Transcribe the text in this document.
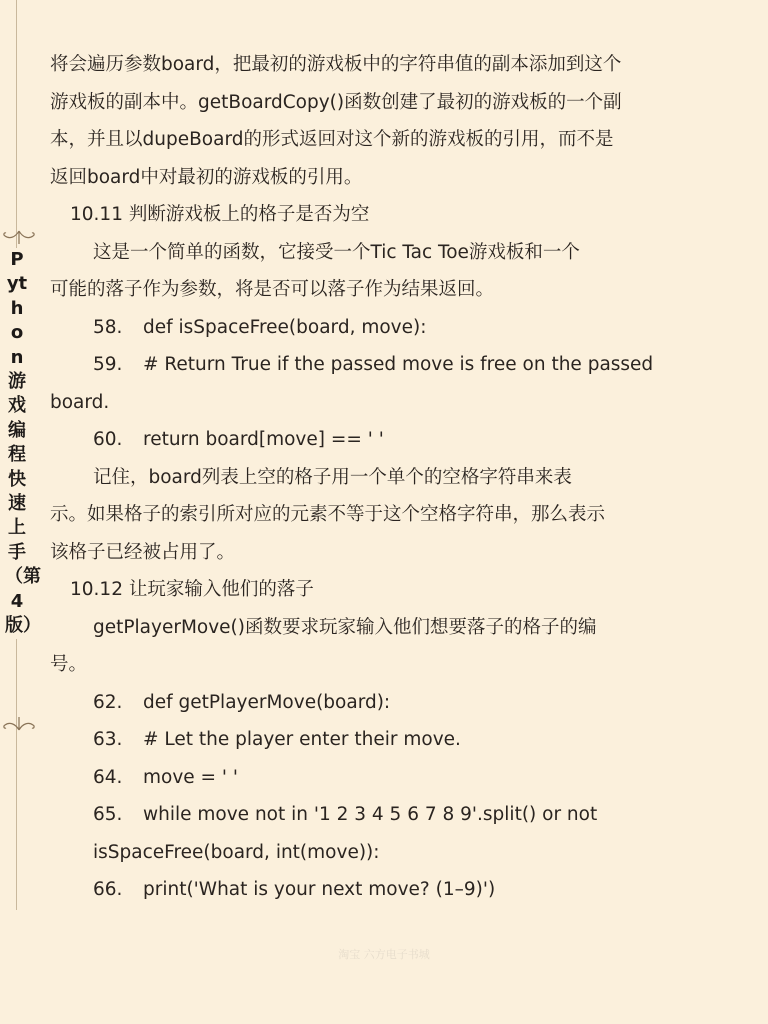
Python游戏编程快速上手（第4版）
将会遍历参数board，把最初的游戏板中的字符串值的副本添加到这个
游戏板的副本中。getBoardCopy()函数创建了最初的游戏板的一个副
本，并且以dupeBoard的形式返回对这个新的游戏板的引用，而不是
返回board中对最初的游戏板的引用。
10.11 判断游戏板上的格子是否为空
这是一个简单的函数，它接受一个Tic Tac Toe游戏板和一个
可能的落子作为参数，将是否可以落子作为结果返回。
58. def isSpaceFree(board, move):
59. # Return True if the passed move is free on the passed
board.
60. return board[move] == ' '
记住，board列表上空的格子用一个单个的空格字符串来表
示。如果格子的索引所对应的元素不等于这个空格字符串，那么表示
该格子已经被占用了。
10.12 让玩家输入他们的落子
getPlayerMove()函数要求玩家输入他们想要落子的格子的编
号。
62. def getPlayerMove(board):
63. # Let the player enter their move.
64. move = ' '
65. while move not in '1 2 3 4 5 6 7 8 9'.split() or not
isSpaceFree(board, int(move)):
66. print('What is your next move? (1–9)')
淘宝 六方电子书城
